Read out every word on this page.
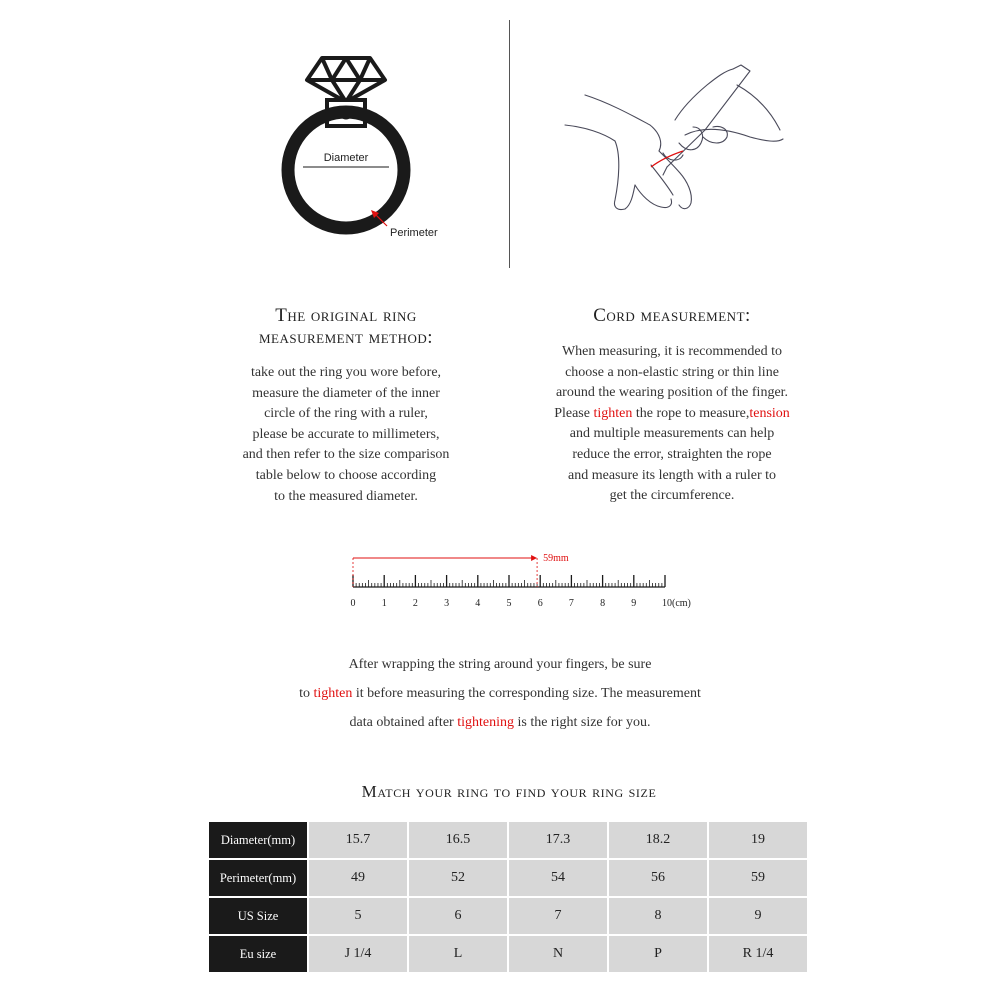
Diameter
Perimeter
The original ring
measurement method:
take out the ring you wore before,
measure the diameter of the inner
circle of the ring with a ruler,
please be accurate to millimeters,
and then refer to the size comparison
table below to choose according
to the measured diameter.
Cord measurement:
When measuring, it is recommended to
choose a non-elastic string or thin line
around the wearing position of the finger.
Please tighten the rope to measure,tension
and multiple measurements can help
reduce the error, straighten the rope
and measure its length with a ruler to
get the circumference.
0	1	2	3	4	5	6	7	8	9	10(cm)
59mm
After wrapping the string around your fingers, be sure
to tighten it before measuring the corresponding size. The measurement
data obtained after tightening is the right size for you.
Match your ring to find your ring size
Diameter(mm)	15.7	16.5	17.3	18.2	19
Perimeter(mm)	49	52	54	56	59
US Size	5	6	7	8	9
Eu size	J 1/4	L	N	P	R 1/4
